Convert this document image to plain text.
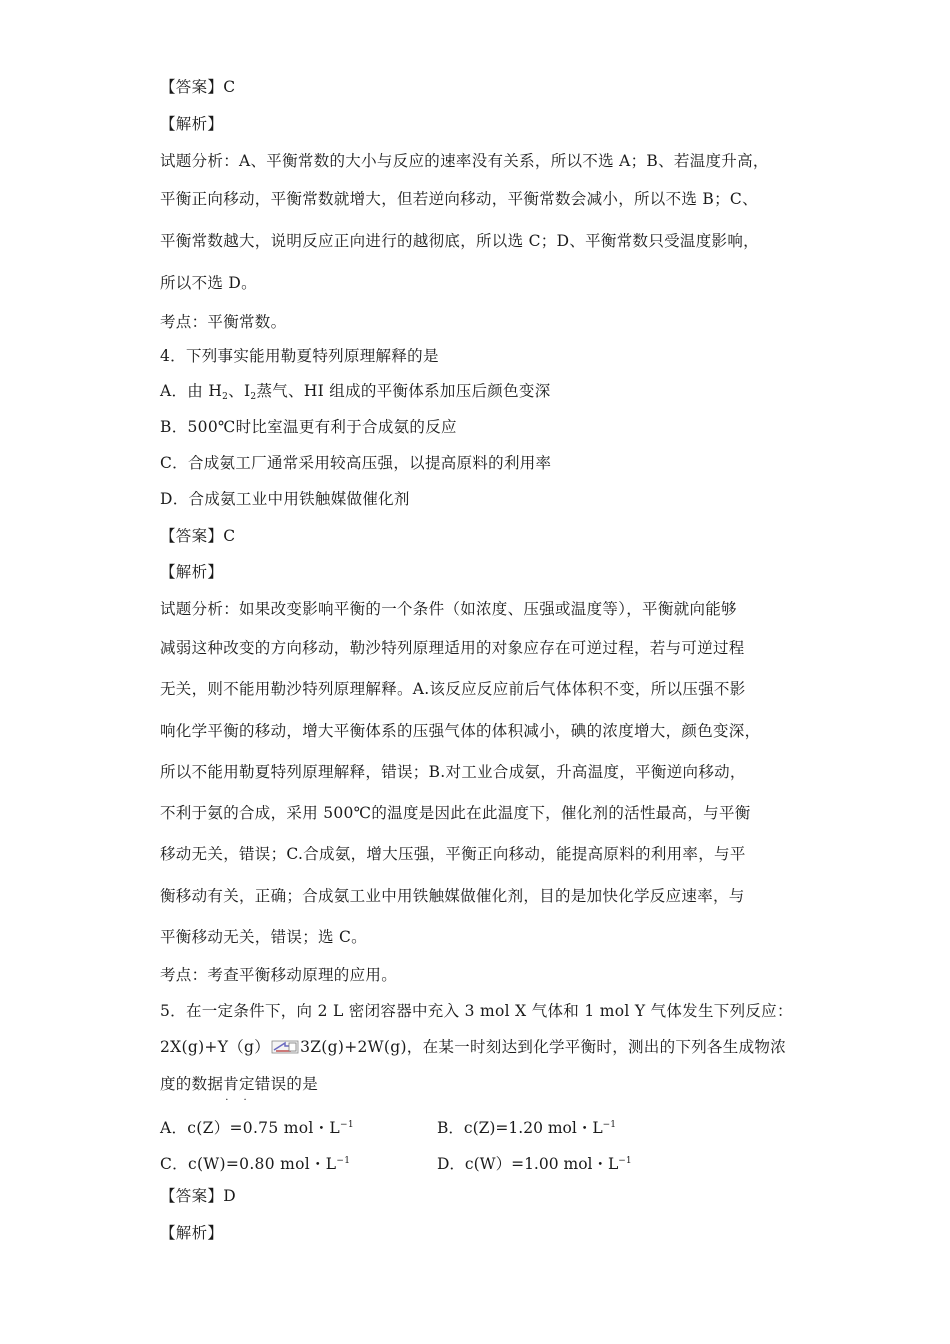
【答案】C
【解析】
试题分析：A、平衡常数的大小与反应的速率没有关系，所以不选 A；B、若温度升高，
平衡正向移动，平衡常数就增大，但若逆向移动，平衡常数会减小，所以不选 B；C、
平衡常数越大，说明反应正向进行的越彻底，所以选 C；D、平衡常数只受温度影响，
所以不选 D。
考点：平衡常数。
4．下列事实能用勒夏特列原理解释的是
A．由 $H_2$、$I_2$蒸气、HI 组成的平衡体系加压后颜色变深
B．500℃时比室温更有利于合成氨的反应
C．合成氨工厂通常采用较高压强，以提高原料的利用率
D．合成氨工业中用铁触媒做催化剂
【答案】C
【解析】
试题分析：如果改变影响平衡的一个条件（如浓度、压强或温度等），平衡就向能够
减弱这种改变的方向移动，勒沙特列原理适用的对象应存在可逆过程，若与可逆过程
无关，则不能用勒沙特列原理解释。A.该反应反应前后气体体积不变，所以压强不影
响化学平衡的移动，增大平衡体系的压强气体的体积减小，碘的浓度增大，颜色变深，
所以不能用勒夏特列原理解释，错误；B.对工业合成氨，升高温度，平衡逆向移动，
不利于氨的合成，采用 500℃的温度是因此在此温度下，催化剂的活性最高，与平衡
移动无关，错误；C.合成氨，增大压强，平衡正向移动，能提高原料的利用率，与平
衡移动有关，正确；合成氨工业中用铁触媒做催化剂，目的是加快化学反应速率，与
平衡移动无关，错误；选 C。
考点：考查平衡移动原理的应用。
5．在一定条件下，向 2 L 密闭容器中充入 3 mol X 气体和 1 mol Y 气体发生下列反应：
2X(g)+Y（g） 3Z(g)+2W(g)，在某一时刻达到化学平衡时，测出的下列各生成物浓
度的数据肯定错误 · ·的是
A．c(Z）=0.75 mol・$L^{-1}$	B．c(Z)=1.20 mol・$L^{-1}$
C．c(W)=0.80 mol・$L^{-1}$	D．c(W）=1.00 mol・$L^{-1}$
【答案】D
【解析】
